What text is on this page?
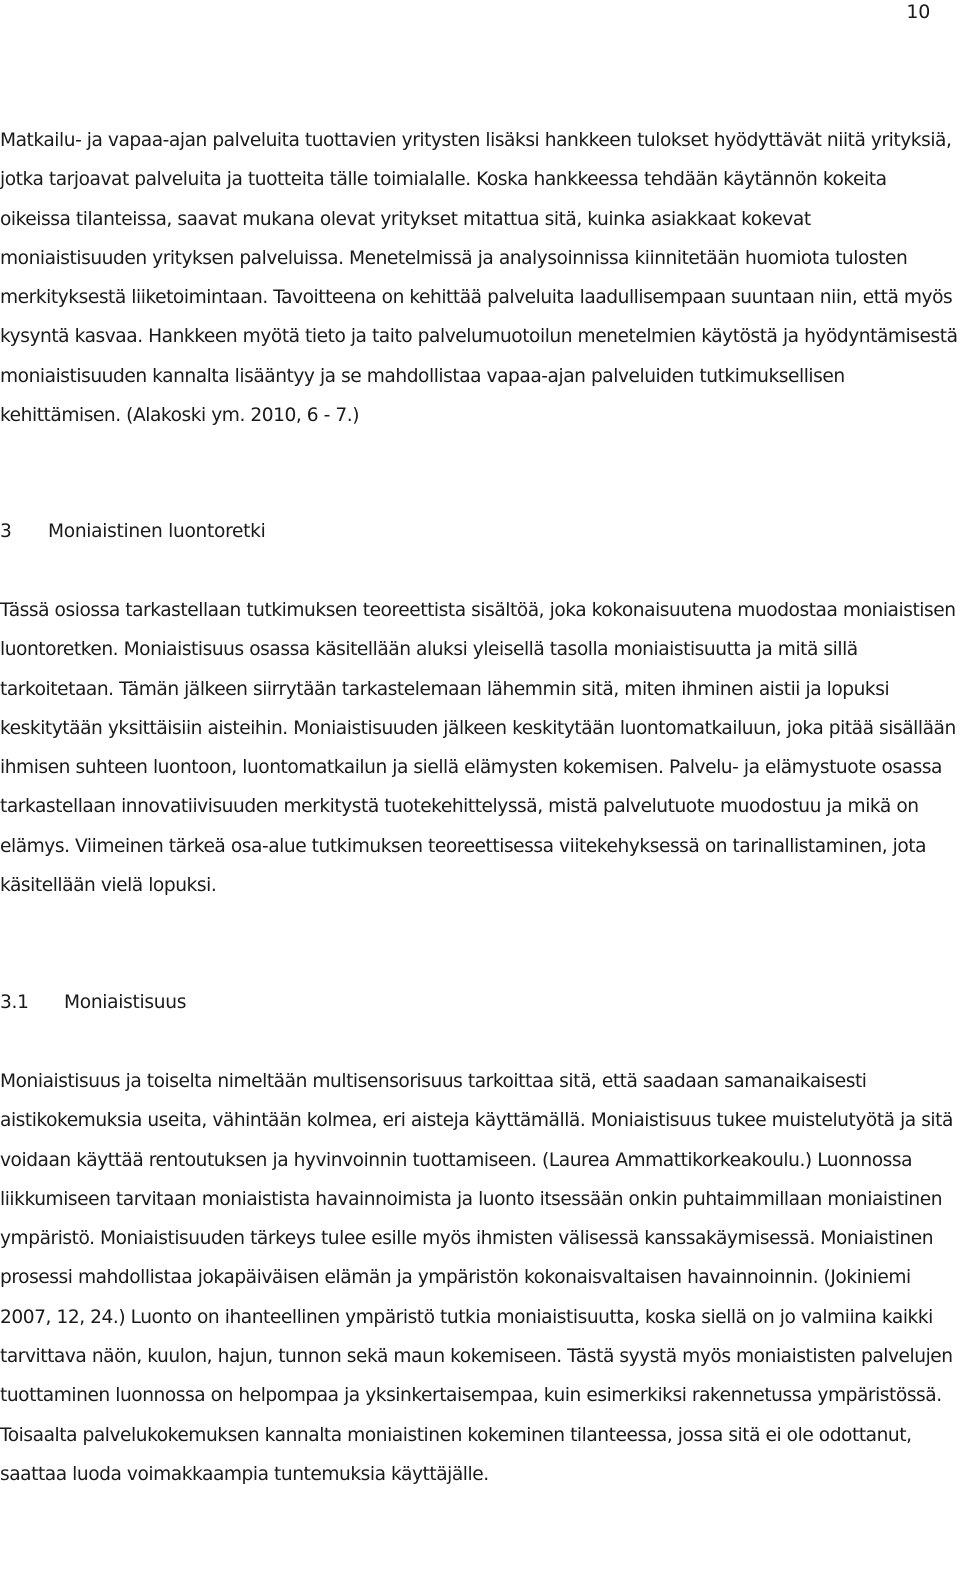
10

Matkailu- ja vapaa-ajan palveluita tuottavien yritysten lisäksi hankkeen tulokset hyödyttävät niitä yrityksiä, jotka tarjoavat palveluita ja tuotteita tälle toimialalle. Koska hankkeessa tehdään käytännön kokeita oikeissa tilanteissa, saavat mukana olevat yritykset mitattua sitä, kuinka asiakkaat kokevat moniaistisuuden yrityksen palveluissa. Menetelmissä ja analysoinnissa kiinnitetään huomiota tulosten merkityksestä liiketoimintaan. Tavoitteena on kehittää palveluita laadullisempaan suuntaan niin, että myös kysyntä kasvaa. Hankkeen myötä tieto ja taito palvelumuotoilun menetelmien käytöstä ja hyödyntämisestä moniaistisuuden kannalta lisääntyy ja se mahdollistaa vapaa-ajan palveluiden tutkimuksellisen kehittämisen. (Alakoski ym. 2010, 6 - 7.)

3 Moniaistinen luontoretki

Tässä osiossa tarkastellaan tutkimuksen teoreettista sisältöä, joka kokonaisuutena muodostaa moniaistisen luontoretken. Moniaistisuus osassa käsitellään aluksi yleisellä tasolla moniaistisuutta ja mitä sillä tarkoitetaan. Tämän jälkeen siirrytään tarkastelemaan lähemmin sitä, miten ihminen aistii ja lopuksi keskitytään yksittäisiin aisteihin. Moniaistisuuden jälkeen keskitytään luontomatkailuun, joka pitää sisällään ihmisen suhteen luontoon, luontomatkailun ja siellä elämysten kokemisen. Palvelu- ja elämystuote osassa tarkastellaan innovatiivisuuden merkitystä tuotekehittelyssä, mistä palvelutuote muodostuu ja mikä on elämys. Viimeinen tärkeä osa-alue tutkimuksen teoreettisessa viitekehyksessä on tarinallistaminen, jota käsitellään vielä lopuksi.

3.1 Moniaistisuus

Moniaistisuus ja toiselta nimeltään multisensorisuus tarkoittaa sitä, että saadaan samanaikaisesti aistikokemuksia useita, vähintään kolmea, eri aisteja käyttämällä. Moniaistisuus tukee muistelutyötä ja sitä voidaan käyttää rentoutuksen ja hyvinvoinnin tuottamiseen. (Laurea Ammattikorkeakoulu.) Luonnossa liikkumiseen tarvitaan moniaistista havainnoimista ja luonto itsessään onkin puhtaimmillaan moniaistinen ympäristö. Moniaistisuuden tärkeys tulee esille myös ihmisten välisessä kanssakäymisessä. Moniaistinen prosessi mahdollistaa jokapäiväisen elämän ja ympäristön kokonaisvaltaisen havainnoinnin. (Jokiniemi 2007, 12, 24.) Luonto on ihanteellinen ympäristö tutkia moniaistisuutta, koska siellä on jo valmiina kaikki tarvittava näön, kuulon, hajun, tunnon sekä maun kokemiseen. Tästä syystä myös moniaististen palvelujen tuottaminen luonnossa on helpompaa ja yksinkertaisempaa, kuin esimerkiksi rakennetussa ympäristössä. Toisaalta palvelukokemuksen kannalta moniaistinen kokeminen tilanteessa, jossa sitä ei ole odottanut, saattaa luoda voimakkaampia tuntemuksia käyttäjälle.
